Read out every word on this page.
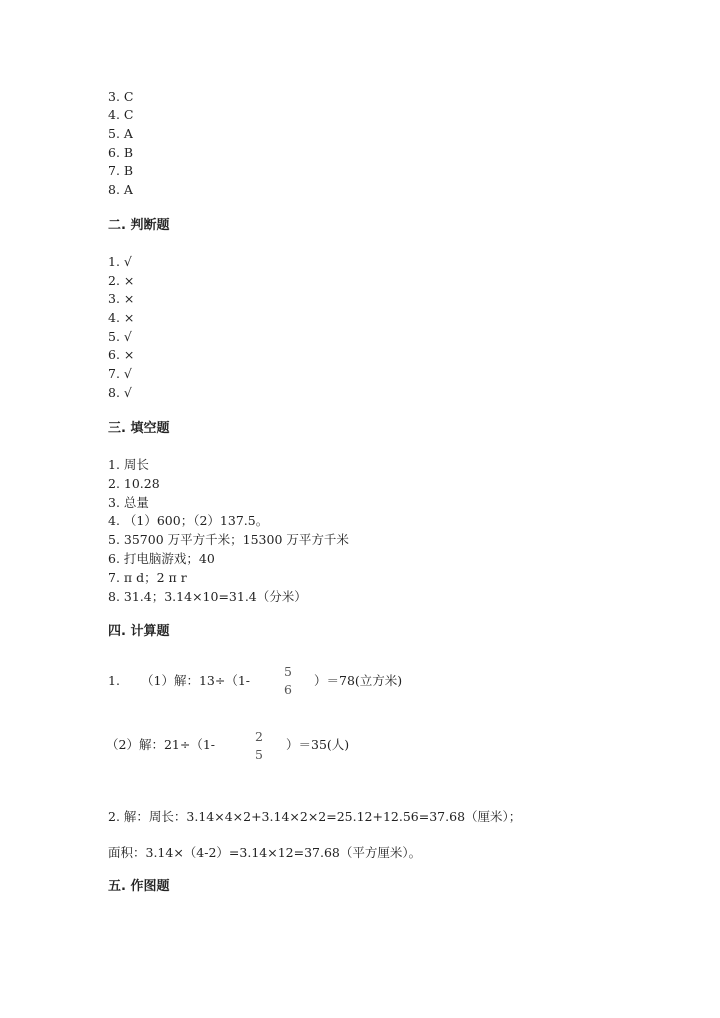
3. C
4. C
5. A
6. B
7. B
8. A
二. 判断题
1. √
2. ×
3. ×
4. ×
5. √
6. ×
7. √
8. √
三. 填空题
1. 周长
2. 10.28
3. 总量
4. （1）600；（2）137.5。
5. 35700 万平方千米；15300 万平方千米
6. 打电脑游戏；40
7. π d；2 π r
8. 31.4；3.14×10=31.4（分米）
四. 计算题
1. （1）解：13÷（1-
5
6
）＝78(立方米)
（2）解：21÷（1-
2
5
）＝35(人)
2. 解：周长：3.14×4×2+3.14×2×2=25.12+12.56=37.68（厘米）；
面积：3.14×（4-2）=3.14×12=37.68（平方厘米）。
五. 作图题
